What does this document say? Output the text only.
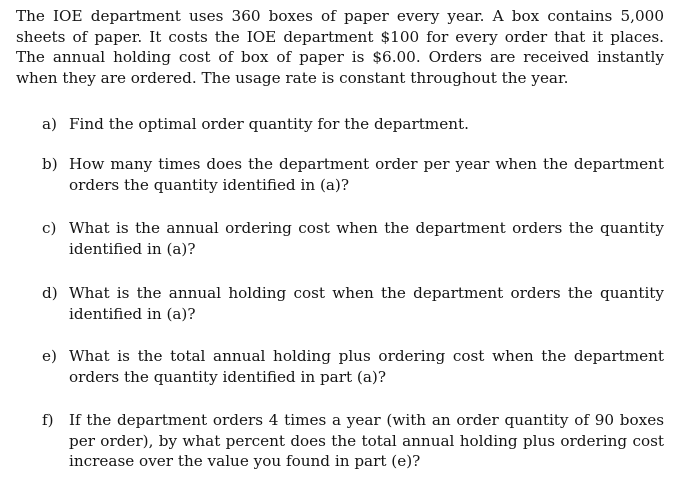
The IOE department uses 360 boxes of paper every year. A box contains 5,000 sheets of paper. It costs the IOE department $100 for every order that it places. The annual holding cost of box of paper is $6.00. Orders are received instantly when they are ordered. The usage rate is constant throughout the year.

a) Find the optimal order quantity for the department.
b) How many times does the department order per year when the department orders the quantity identified in (a)?
c) What is the annual ordering cost when the department orders the quantity identified in (a)?
d) What is the annual holding cost when the department orders the quantity identified in (a)?
e) What is the total annual holding plus ordering cost when the department orders the quantity identified in part (a)?
f)	If the department orders 4 times a year (with an order quantity of 90 boxes per order), by what percent does the total annual holding plus ordering cost increase over the value you found in part (e)?
